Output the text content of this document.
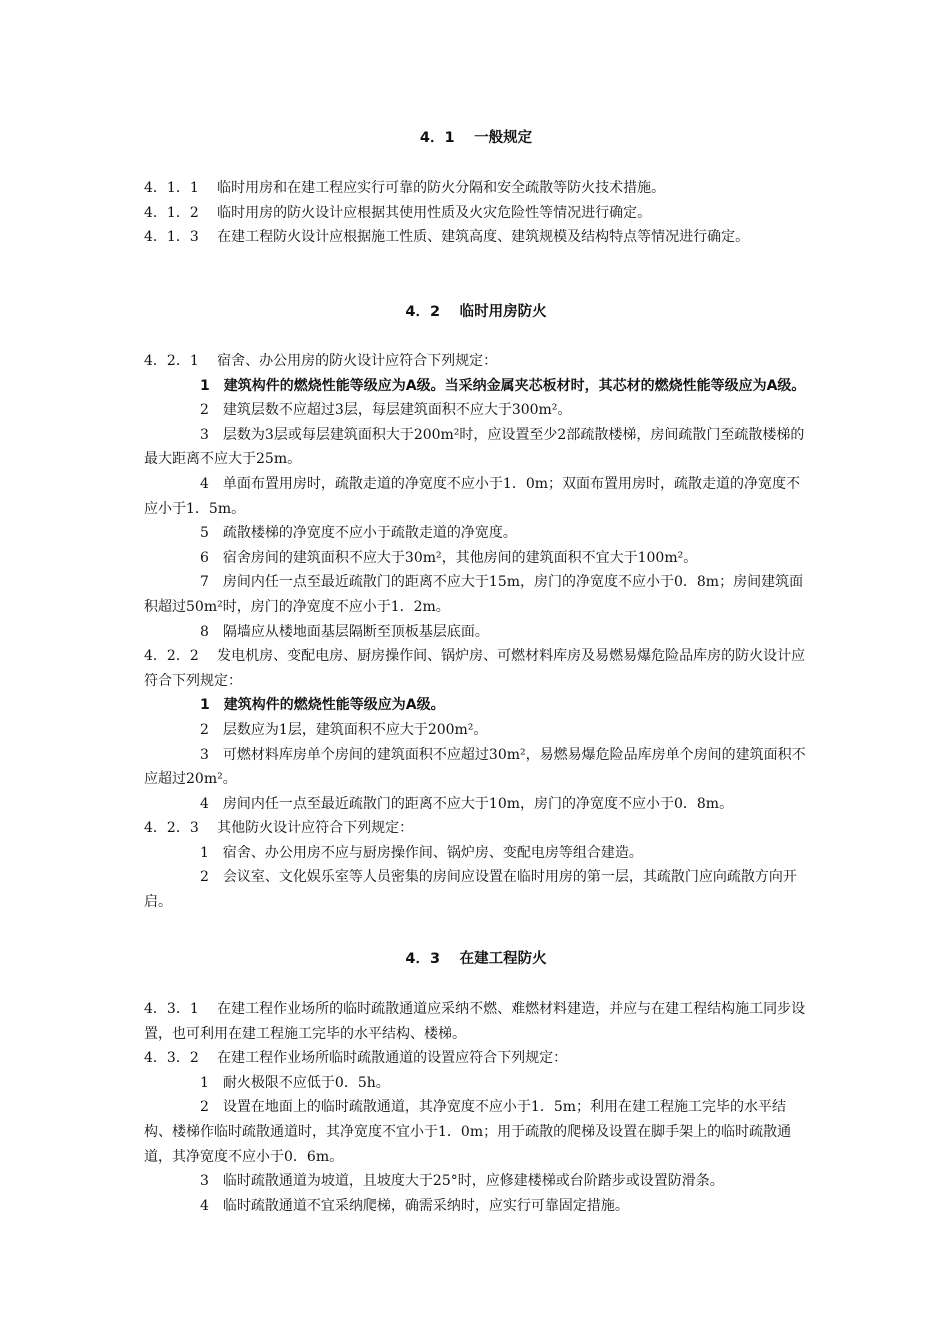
4．1　 一般规定

4．1．1　 临时用房和在建工程应实行可靠的防火分隔和安全疏散等防火技术措施。

4．1．2　 临时用房的防火设计应根据其使用性质及火灾危险性等情况进行确定。

4．1．3　 在建工程防火设计应根据施工性质、建筑高度、建筑规模及结构特点等情况进行确定。

4．2　 临时用房防火

4．2．1　 宿舍、办公用房的防火设计应符合下列规定：

1　建筑构件的燃烧性能等级应为A级。当采纳金属夹芯板材时，其芯材的燃烧性能等级应为A级。

2　建筑层数不应超过3层，每层建筑面积不应大于300m²。

3　层数为3层或每层建筑面积大于200m²时，应设置至少2部疏散楼梯，房间疏散门至疏散楼梯的最大距离不应大于25m。

4　单面布置用房时，疏散走道的净宽度不应小于1．0m；双面布置用房时，疏散走道的净宽度不应小于1．5m。

5　疏散楼梯的净宽度不应小于疏散走道的净宽度。

6　宿舍房间的建筑面积不应大于30m²，其他房间的建筑面积不宜大于100m²。

7　房间内任一点至最近疏散门的距离不应大于15m，房门的净宽度不应小于0．8m；房间建筑面积超过50m²时，房门的净宽度不应小于1．2m。

8　隔墙应从楼地面基层隔断至顶板基层底面。

4．2．2　 发电机房、变配电房、厨房操作间、锅炉房、可燃材料库房及易燃易爆危险品库房的防火设计应符合下列规定：

1　建筑构件的燃烧性能等级应为A级。

2　层数应为1层，建筑面积不应大于200m²。

3　可燃材料库房单个房间的建筑面积不应超过30m²，易燃易爆危险品库房单个房间的建筑面积不应超过20m²。

4　房间内任一点至最近疏散门的距离不应大于10m，房门的净宽度不应小于0．8m。

4．2．3　 其他防火设计应符合下列规定：

1　宿舍、办公用房不应与厨房操作间、锅炉房、变配电房等组合建造。

2　会议室、文化娱乐室等人员密集的房间应设置在临时用房的第一层，其疏散门应向疏散方向开启。

4．3　 在建工程防火

4．3．1　 在建工程作业场所的临时疏散通道应采纳不燃、难燃材料建造，并应与在建工程结构施工同步设置，也可利用在建工程施工完毕的水平结构、楼梯。

4．3．2　 在建工程作业场所临时疏散通道的设置应符合下列规定：

1　耐火极限不应低于0．5h。

2　设置在地面上的临时疏散通道，其净宽度不应小于1．5m；利用在建工程施工完毕的水平结构、楼梯作临时疏散通道时，其净宽度不宜小于1．0m；用于疏散的爬梯及设置在脚手架上的临时疏散通道，其净宽度不应小于0．6m。

3　临时疏散通道为坡道，且坡度大于25°时，应修建楼梯或台阶踏步或设置防滑条。

4　临时疏散通道不宜采纳爬梯，确需采纳时，应实行可靠固定措施。
